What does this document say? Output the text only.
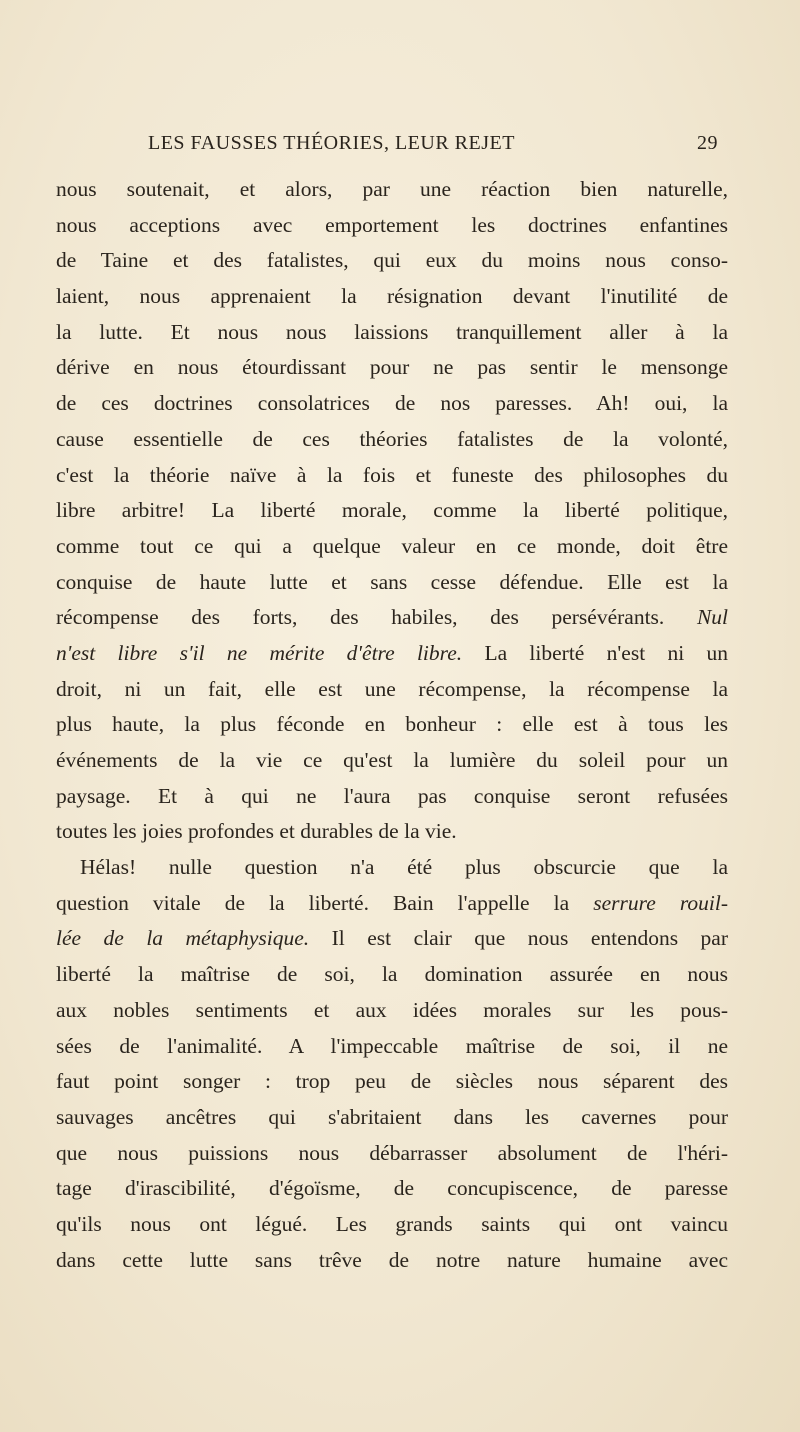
LES FAUSSES THÉORIES, LEUR REJET	29
nous soutenait, et alors, par une réaction bien naturelle,
nous acceptions avec emportement les doctrines enfantines
de Taine et des fatalistes, qui eux du moins nous conso-
laient, nous apprenaient la résignation devant l'inutilité de
la lutte. Et nous nous laissions tranquillement aller à la
dérive en nous étourdissant pour ne pas sentir le mensonge
de ces doctrines consolatrices de nos paresses. Ah! oui, la
cause essentielle de ces théories fatalistes de la volonté,
c'est la théorie naïve à la fois et funeste des philosophes du
libre arbitre! La liberté morale, comme la liberté politique,
comme tout ce qui a quelque valeur en ce monde, doit être
conquise de haute lutte et sans cesse défendue. Elle est la
récompense des forts, des habiles, des persévérants. Nul
n'est libre s'il ne mérite d'être libre. La liberté n'est ni un
droit, ni un fait, elle est une récompense, la récompense la
plus haute, la plus féconde en bonheur : elle est à tous les
événements de la vie ce qu'est la lumière du soleil pour un
paysage. Et à qui ne l'aura pas conquise seront refusées
toutes les joies profondes et durables de la vie.
Hélas! nulle question n'a été plus obscurcie que la
question vitale de la liberté. Bain l'appelle la serrure rouil-
lée de la métaphysique. Il est clair que nous entendons par
liberté la maîtrise de soi, la domination assurée en nous
aux nobles sentiments et aux idées morales sur les pous-
sées de l'animalité. A l'impeccable maîtrise de soi, il ne
faut point songer : trop peu de siècles nous séparent des
sauvages ancêtres qui s'abritaient dans les cavernes pour
que nous puissions nous débarrasser absolument de l'héri-
tage d'irascibilité, d'égoïsme, de concupiscence, de paresse
qu'ils nous ont légué. Les grands saints qui ont vaincu
dans cette lutte sans trêve de notre nature humaine avec
